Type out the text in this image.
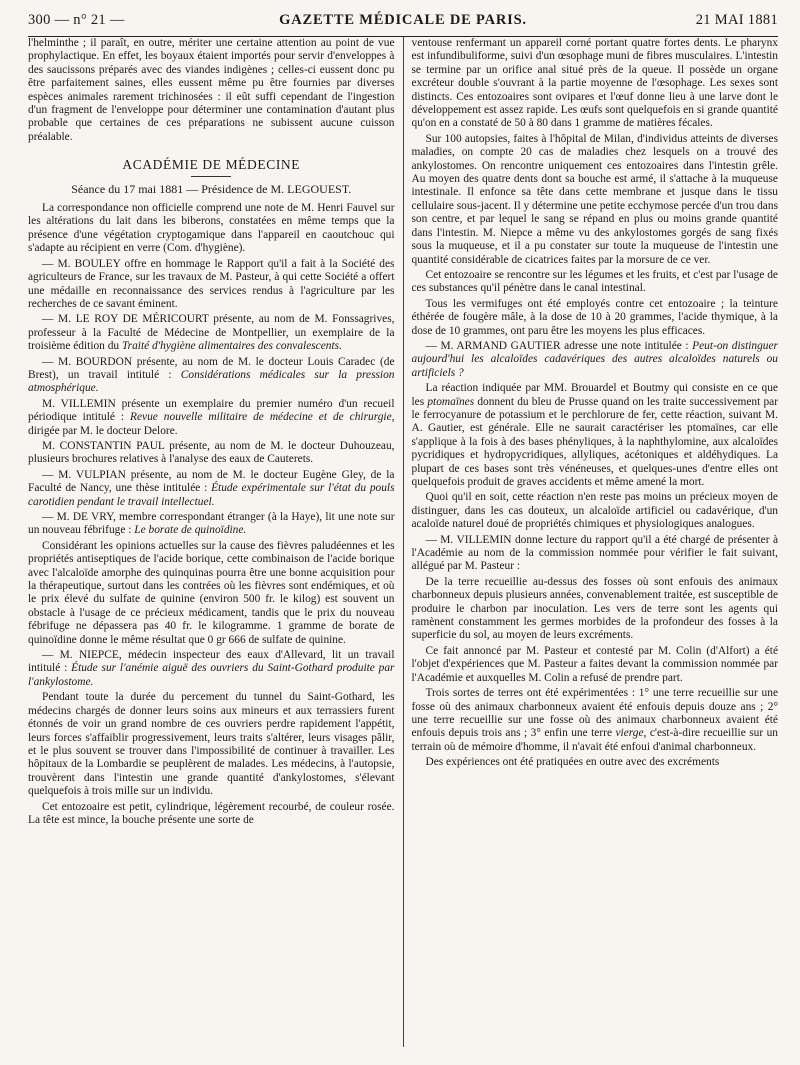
300 — n° 21 —	GAZETTE MÉDICALE DE PARIS.	21 MAI 1881

l'helminthe ; il paraît, en outre, mériter une certaine attention au point de vue prophylactique. En effet, les boyaux étaient importés pour servir d'enveloppes à des saucissons préparés avec des viandes indigènes ; celles-ci eussent donc pu être parfaitement saines, elles eussent même pu être fournies par diverses espèces animales rarement trichinosées : il eût suffi cependant de l'ingestion d'un fragment de l'enveloppe pour déterminer une contamination d'autant plus probable que certaines de ces préparations ne subissent aucune cuisson préalable.

ACADÉMIE DE MÉDECINE
Séance du 17 mai 1881 — Présidence de M. LEGOUEST.

La correspondance non officielle comprend une note de M. Henri Fauvel sur les altérations du lait dans les biberons, constatées en même temps que la présence d'une végétation cryptogamique dans l'appareil en caoutchouc qui s'adapte au récipient en verre (Com. d'hygiène).

— M. BOULEY offre en hommage le Rapport qu'il a fait à la Société des agriculteurs de France, sur les travaux de M. Pasteur, à qui cette Société a offert une médaille en reconnaissance des services rendus à l'agriculture par les recherches de ce savant éminent.

— M. LE ROY DE MÉRICOURT présente, au nom de M. Fonssagrives, professeur à la Faculté de Médecine de Montpellier, un exemplaire de la troisième édition du Traité d'hygiène alimentaires des convalescents.

— M. BOURDON présente, au nom de M. le docteur Louis Caradec (de Brest), un travail intitulé : Considérations médicales sur la pression atmosphérique.

M. VILLEMIN présente un exemplaire du premier numéro d'un recueil périodique intitulé : Revue nouvelle militaire de médecine et de chirurgie, dirigée par M. le docteur Delore.

M. CONSTANTIN PAUL présente, au nom de M. le docteur Duhouzeau, plusieurs brochures relatives à l'analyse des eaux de Cauterets.

— M. VULPIAN présente, au nom de M. le docteur Eugène Gley, de la Faculté de Nancy, une thèse intitulée : Étude expérimentale sur l'état du pouls carotidien pendant le travail intellectuel.

— M. DE VRY, membre correspondant étranger (à la Haye), lit une note sur un nouveau fébrifuge : Le borate de quinoïdine.

Considérant les opinions actuelles sur la cause des fièvres paludéennes et les propriétés antiseptiques de l'acide borique, cette combinaison de l'acide borique avec l'alcaloïde amorphe des quinquinas pourra être une bonne acquisition pour la thérapeutique, surtout dans les contrées où les fièvres sont endémiques, et où le prix élevé du sulfate de quinine (environ 500 fr. le kilog) est souvent un obstacle à l'usage de ce précieux médicament, tandis que le prix du nouveau fébrifuge ne dépassera pas 40 fr. le kilogramme. 1 gramme de borate de quinoïdine donne le même résultat que 0 gr 666 de sulfate de quinine.

— M. NIEPCE, médecin inspecteur des eaux d'Allevard, lit un travail intitulé : Étude sur l'anémie aiguë des ouvriers du Saint-Gothard produite par l'ankylostome.

Pendant toute la durée du percement du tunnel du Saint-Gothard, les médecins chargés de donner leurs soins aux mineurs et aux terrassiers furent étonnés de voir un grand nombre de ces ouvriers perdre rapidement l'appétit, leurs forces s'affaiblir progressivement, leurs traits s'altérer, leurs visages pâlir, et le plus souvent se trouver dans l'impossibilité de continuer à travailler. Les hôpitaux de la Lombardie se peuplèrent de malades. Les médecins, à l'autopsie, trouvèrent dans l'intestin une grande quantité d'ankylostomes, s'élevant quelquefois à trois mille sur un individu.

Cet entozoaire est petit, cylindrique, légèrement recourbé, de couleur rosée. La tête est mince, la bouche présente une sorte de

ventouse renfermant un appareil corné portant quatre fortes dents. Le pharynx est infundibuliforme, suivi d'un œsophage muni de fibres musculaires. L'intestin se termine par un orifice anal situé près de la queue. Il possède un organe excréteur double s'ouvrant à la partie moyenne de l'œsophage. Les sexes sont distincts. Ces entozoaires sont ovipares et l'œuf donne lieu à une larve dont le développement est assez rapide. Les œufs sont quelquefois en si grande quantité qu'on en a constaté de 50 à 80 dans 1 gramme de matières fécales.

Sur 100 autopsies, faites à l'hôpital de Milan, d'individus atteints de diverses maladies, on compte 20 cas de maladies chez lesquels on a trouvé des ankylostomes. On rencontre uniquement ces entozoaires dans l'intestin grêle. Au moyen des quatre dents dont sa bouche est armé, il s'attache à la muqueuse intestinale. Il enfonce sa tête dans cette membrane et jusque dans le tissu cellulaire sous-jacent. Il y détermine une petite ecchymose percée d'un trou dans son centre, et par lequel le sang se répand en plus ou moins grande quantité dans l'intestin. M. Niepce a même vu des ankylostomes gorgés de sang fixés sous la muqueuse, et il a pu constater sur toute la muqueuse de l'intestin une quantité considérable de cicatrices faites par la morsure de ce ver.

Cet entozoaire se rencontre sur les légumes et les fruits, et c'est par l'usage de ces substances qu'il pénètre dans le canal intestinal.

Tous les vermifuges ont été employés contre cet entozoaire ; la teinture éthérée de fougère mâle, à la dose de 10 à 20 grammes, l'acide thymique, à la dose de 10 grammes, ont paru être les moyens les plus efficaces.

— M. ARMAND GAUTIER adresse une note intitulée : Peut-on distinguer aujourd'hui les alcaloïdes cadavériques des autres alcaloïdes naturels ou artificiels ?

La réaction indiquée par MM. Brouardel et Boutmy qui consiste en ce que les ptomaïnes donnent du bleu de Prusse quand on les traite successivement par le ferrocyanure de potassium et le perchlorure de fer, cette réaction, suivant M. A. Gautier, est générale. Elle ne saurait caractériser les ptomaïnes, car elle s'applique à la fois à des bases phényliques, à la naphthylomine, aux alcaloïdes pycridiques et hydropycridiques, allyliques, acétoniques et aldéhydiques. La plupart de ces bases sont très vénéneuses, et quelques-unes d'entre elles ont quelquefois produit de graves accidents et même amené la mort.

Quoi qu'il en soit, cette réaction n'en reste pas moins un précieux moyen de distinguer, dans les cas douteux, un alcaloïde artificiel ou cadavérique, d'un acaloïde naturel doué de propriétés chimiques et physiologiques analogues.

— M. VILLEMIN donne lecture du rapport qu'il a été chargé de présenter à l'Académie au nom de la commission nommée pour vérifier le fait suivant, allégué par M. Pasteur :

De la terre recueillie au-dessus des fosses où sont enfouis des animaux charbonneux depuis plusieurs années, convenablement traitée, est susceptible de produire le charbon par inoculation. Les vers de terre sont les agents qui ramènent constamment les germes morbides de la profondeur des fosses à la superficie du sol, au moyen de leurs excréments.

Ce fait annoncé par M. Pasteur et contesté par M. Colin (d'Alfort) a été l'objet d'expériences que M. Pasteur a faites devant la commission nommée par l'Académie et auxquelles M. Colin a refusé de prendre part.

Trois sortes de terres ont été expérimentées : 1° une terre recueillie sur une fosse où des animaux charbonneux avaient été enfouis depuis douze ans ; 2° une terre recueillie sur une fosse où des animaux charbonneux avaient été enfouis depuis trois ans ; 3° enfin une terre vierge, c'est-à-dire recueillie sur un terrain où de mémoire d'homme, il n'avait été enfoui d'animal charbonneux.

Des expériences ont été pratiquées en outre avec des excréments
